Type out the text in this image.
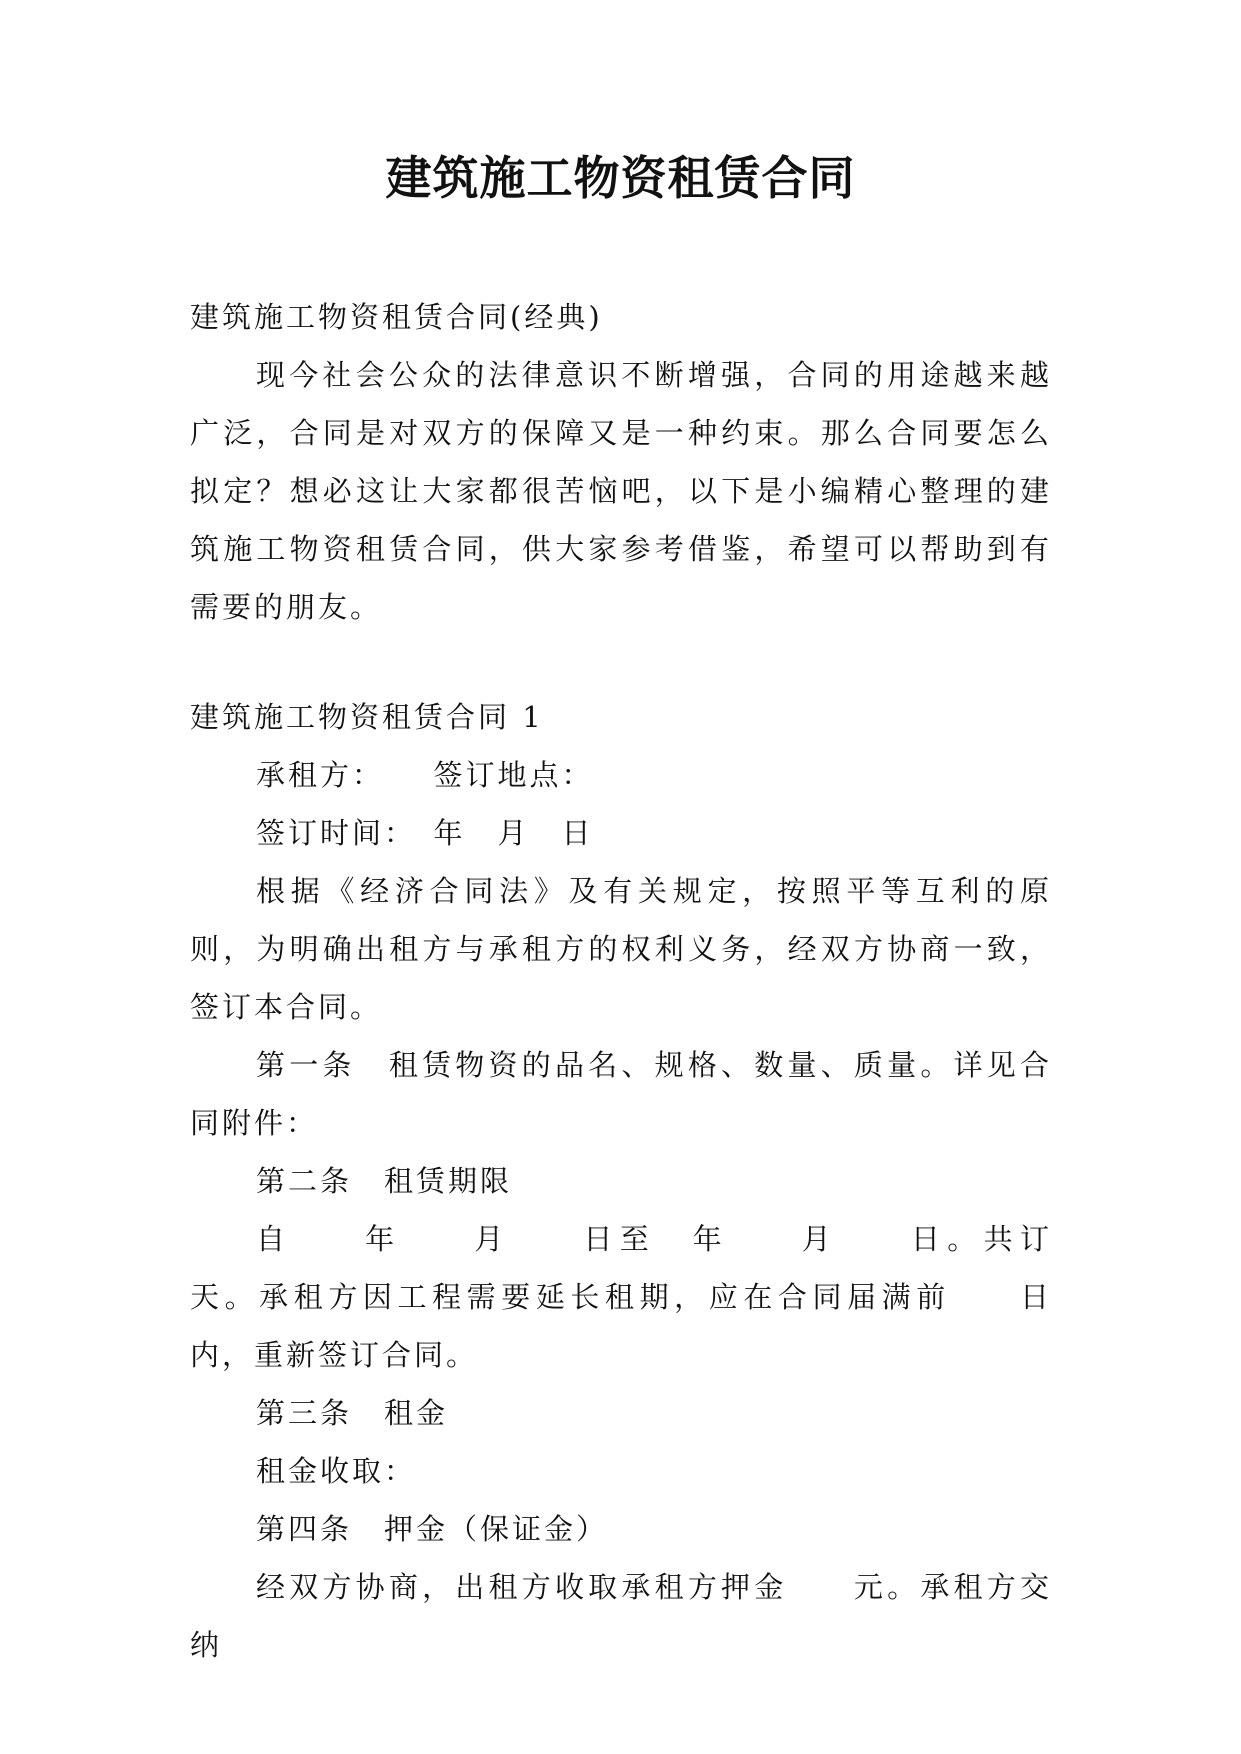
建筑施工物资租赁合同

建筑施工物资租赁合同(经典)

现今社会公众的法律意识不断增强，合同的用途越来越广泛，合同是对双方的保障又是一种约束。那么合同要怎么拟定？想必这让大家都很苦恼吧，以下是小编精心整理的建筑施工物资租赁合同，供大家参考借鉴，希望可以帮助到有需要的朋友。

建筑施工物资租赁合同 1

承租方：　　签订地点：

签订时间：　年　月　日

根据《经济合同法》及有关规定，按照平等互利的原则，为明确出租方与承租方的权利义务，经双方协商一致，签订本合同。

第一条　租赁物资的品名、规格、数量、质量。详见合同附件：

第二条　租赁期限

自　　年　　月　　日至　年　　月　　日。共订　　天。承租方因工程需要延长租期，应在合同届满前　　日内，重新签订合同。

第三条　租金

租金收取：

第四条　押金（保证金）

经双方协商，出租方收取承租方押金　　元。承租方交纳
